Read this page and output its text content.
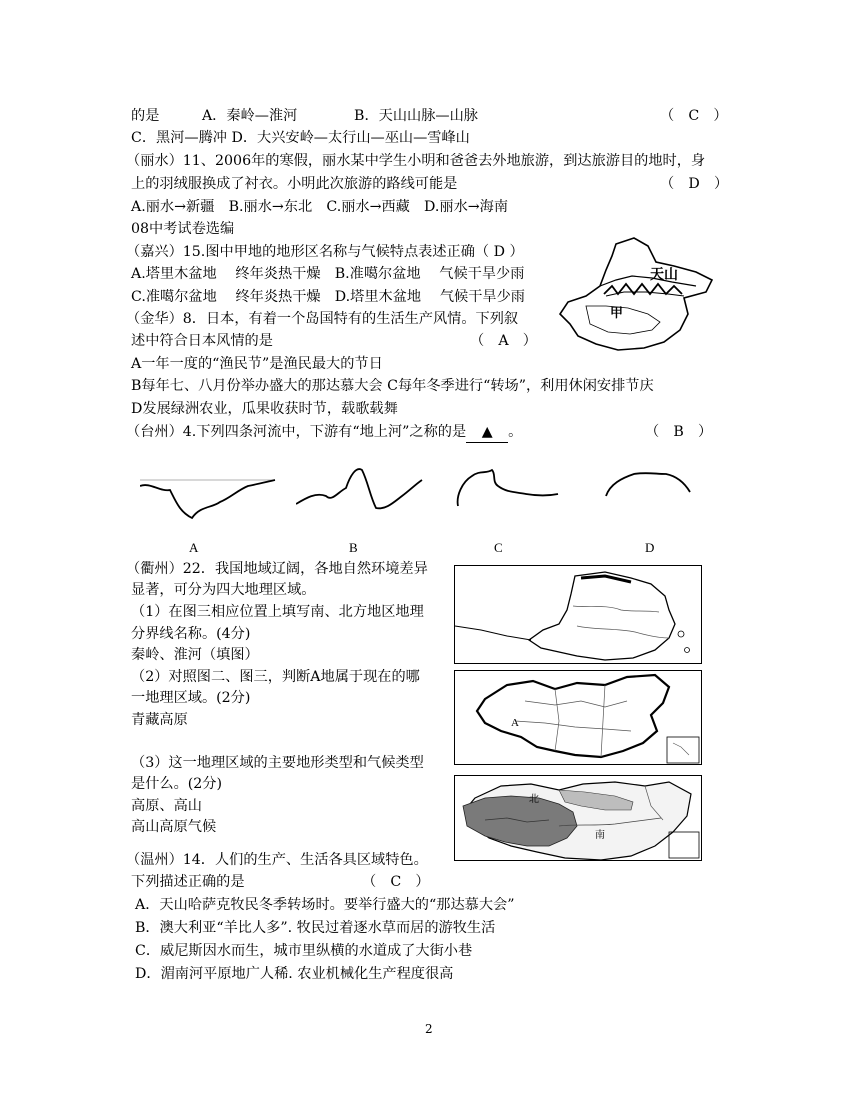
的是　　　A．秦岭—淮河　　　　B．天山山脉—山脉	（　C　）
C．黑河—腾冲 D．大兴安岭—太行山—巫山—雪峰山
（丽水）11、2006年的寒假，丽水某中学生小明和爸爸去外地旅游，到达旅游目的地时，身
上的羽绒服换成了衬衣。小明此次旅游的路线可能是	（　D　）
A.丽水→新疆　B.丽水→东北　C.丽水→西藏　D.丽水→海南
08中考试卷选编
（嘉兴）15.图中甲地的地形区名称与气候特点表述正确（ D ）
A.塔里木盆地　 终年炎热干燥　B.准噶尔盆地　 气候干旱少雨
C.准噶尔盆地　 终年炎热干燥　D.塔里木盆地　 气候干旱少雨
（金华）8．日本，有着一个岛国特有的生活生产风情。下列叙
述中符合日本风情的是	（　A　）
A一年一度的“渔民节”是渔民最大的节日
B每年七、八月份举办盛大的那达慕大会 C每年冬季进行“转场”，利用休闲安排节庆
D发展绿洲农业，瓜果收获时节，载歌载舞
（台州）4.下列四条河流中，下游有“地上河”之称的是 ▲ 。	（　B　）
天山
甲
A	B	C	D
（衢州）22．我国地域辽阔，各地自然环境差异
显著，可分为四大地理区域。
（1）在图三相应位置上填写南、北方地区地理
分界线名称。(4分)
秦岭、淮河（填图）
（2）对照图二、图三，判断A地属于现在的哪
一地理区域。(2分)
青藏高原
（3）这一地理区域的主要地形类型和气候类型
是什么。(2分)
高原、高山
高山高原气候
A
北
南
（温州）14．人们的生产、生活各具区域特色。
下列描述正确的是	（　C　）
A．天山哈萨克牧民冬季转场时。要举行盛大的“那达慕大会”
B．澳大利亚“羊比人多”. 牧民过着逐水草而居的游牧生活
C．威尼斯因水而生，城市里纵横的水道成了大街小巷
D．湄南河平原地广人稀. 农业机械化生产程度很高
2
